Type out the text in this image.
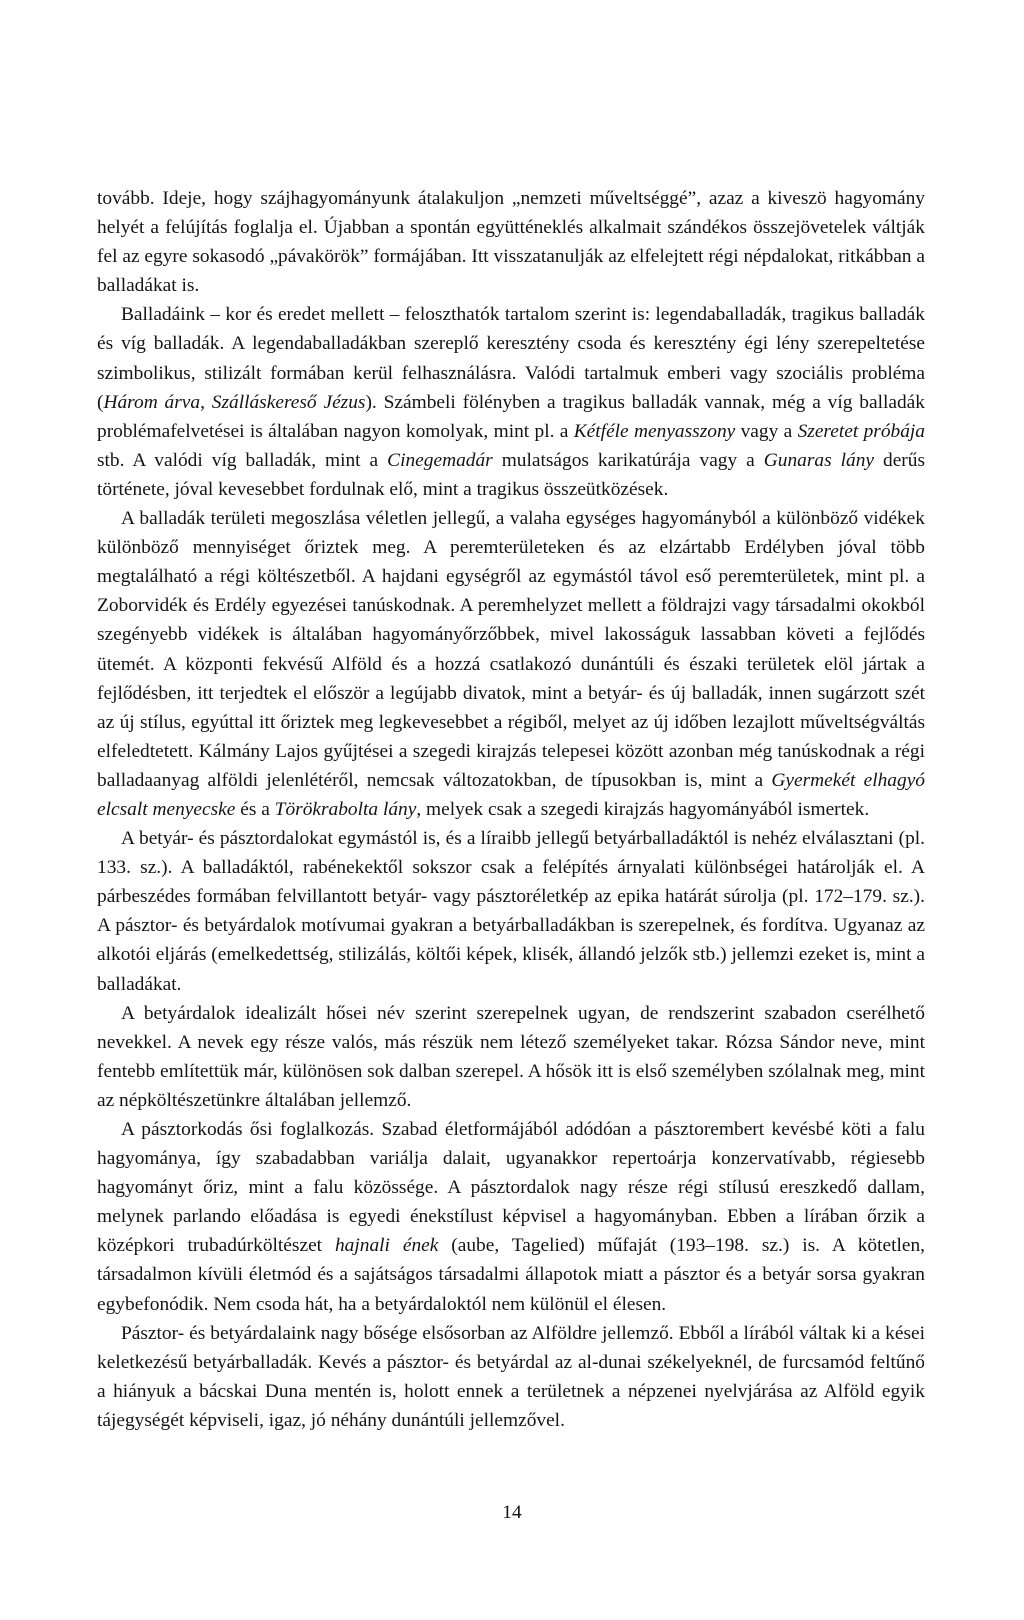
tovább. Ideje, hogy szájhagyományunk átalakuljon „nemzeti műveltséggé”, azaz a kiveszö hagyomány helyét a felújítás foglalja el. Újabban a spontán együtténeklés alkalmait szándékos összejövetelek váltják fel az egyre sokasodó „pávakörök” formájában. Itt visszatanulják az elfelejtett régi népdalokat, ritkábban a balladákat is.

Balladáink – kor és eredet mellett – feloszthatók tartalom szerint is: legendaballadák, tragikus balladák és víg balladák. A legendaballadákban szereplő keresztény csoda és keresztény égi lény szerepeltetése szimbolikus, stilizált formában kerül felhasználásra. Valódi tartalmuk emberi vagy szociális probléma (Három árva, Szálláskereső Jézus). Számbeli fölényben a tragikus balladák vannak, még a víg balladák problémafelvetései is általában nagyon komolyak, mint pl. a Kétféle menyasszony vagy a Szeretet próbája stb. A valódi víg balladák, mint a Cinegemadár mulatságos karikatúrája vagy a Gunaras lány derűs története, jóval kevesebbet fordulnak elő, mint a tragikus összeütközések.

A balladák területi megoszlása véletlen jellegű, a valaha egységes hagyományból a különböző vidékek különböző mennyiséget őriztek meg. A peremterületeken és az elzártabb Erdélyben jóval több megtalálható a régi költészetből. A hajdani egységről az egymástól távol eső peremterületek, mint pl. a Zoborvidék és Erdély egyezései tanúskodnak. A peremhelyzet mellett a földrajzi vagy társadalmi okokból szegényebb vidékek is általában hagyományőrzőbbek, mivel lakosságuk lassabban követi a fejlődés ütemét. A központi fekvésű Alföld és a hozzá csatlakozó dunántúli és északi területek elöl jártak a fejlődésben, itt terjedtek el először a legújabb divatok, mint a betyár- és új balladák, innen sugárzott szét az új stílus, egyúttal itt őriztek meg legkevesebbet a régiből, melyet az új időben lezajlott műveltségváltás elfeledtetett. Kálmány Lajos gyűjtései a szegedi kirajzás telepesei között azonban még tanúskodnak a régi balladaanyag alföldi jelenlétéről, nemcsak változatokban, de típusokban is, mint a Gyermekét elhagyó elcsalt menyecske és a Törökrabolta lány, melyek csak a szegedi kirajzás hagyományából ismertek.

A betyár- és pásztordalokat egymástól is, és a líraibb jellegű betyárballadáktól is nehéz elválasztani (pl. 133. sz.). A balladáktól, rabénekektől sokszor csak a felépítés árnyalati különbségei határolják el. A párbeszédes formában felvillantott betyár- vagy pásztoréletkép az epika határát súrolja (pl. 172–179. sz.). A pásztor- és betyárdalok motívumai gyakran a betyárballadákban is szerepelnek, és fordítva. Ugyanaz az alkotói eljárás (emelkedettség, stilizálás, költői képek, klisék, állandó jelzők stb.) jellemzi ezeket is, mint a balladákat.

A betyárdalok idealizált hősei név szerint szerepelnek ugyan, de rendszerint szabadon cserélhető nevekkel. A nevek egy része valós, más részük nem létező személyeket takar. Rózsa Sándor neve, mint fentebb említettük már, különösen sok dalban szerepel. A hősök itt is első személyben szólalnak meg, mint az népköltészetünkre általában jellemző.

A pásztorkodás ősi foglalkozás. Szabad életformájából adódóan a pásztorembert kevésbé köti a falu hagyománya, így szabadabban variálja dalait, ugyanakkor repertoárja konzervatívabb, régiesebb hagyományt őriz, mint a falu közössége. A pásztordalok nagy része régi stílusú ereszkedő dallam, melynek parlando előadása is egyedi énekstílust képvisel a hagyományban. Ebben a lírában őrzik a középkori trubadúrköltészet hajnali ének (aube, Tagelied) műfaját (193–198. sz.) is. A kötetlen, társadalmon kívüli életmód és a sajátságos társadalmi állapotok miatt a pásztor és a betyár sorsa gyakran egybefonódik. Nem csoda hát, ha a betyárdaloktól nem különül el élesen.

Pásztor- és betyárdalaink nagy bősége elsősorban az Alföldre jellemző. Ebből a lírából váltak ki a kései keletkezésű betyárballadák. Kevés a pásztor- és betyárdal az al-dunai székelyeknél, de furcsamód feltűnő a hiányuk a bácskai Duna mentén is, holott ennek a területnek a népzenei nyelvjárása az Alföld egyik tájegységét képviseli, igaz, jó néhány dunántúli jellemzővel.

14
